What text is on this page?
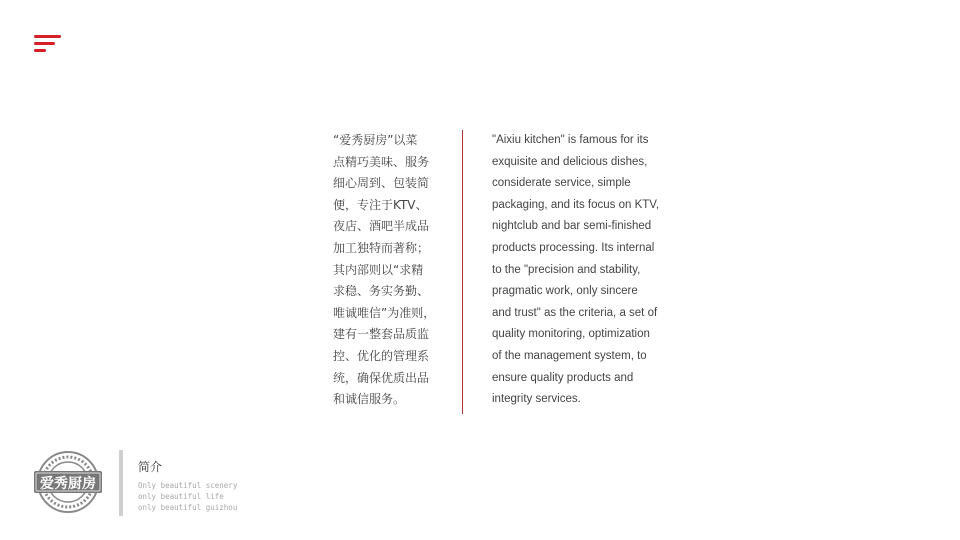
“爱秀厨房”以菜
点精巧美味、服务
细心周到、包装简
便，专注于KTV、
夜店、酒吧半成品
加工独特而著称；
其内部则以“求精
求稳、务实务勤、
唯诚唯信”为准则，
建有一整套品质监
控、优化的管理系
统，确保优质出品
和诚信服务。
"Aixiu kitchen" is famous for its
exquisite and delicious dishes,
considerate service, simple
packaging, and its focus on KTV,
nightclub and bar semi-finished
products processing. Its internal
to the "precision and stability,
pragmatic work, only sincere
and trust" as the criteria, a set of
quality monitoring, optimization
of the management system, to
ensure quality products and
integrity services.
爱秀厨房
简介
Only beautiful scenery
only beautiful life
only beautiful guizhou
